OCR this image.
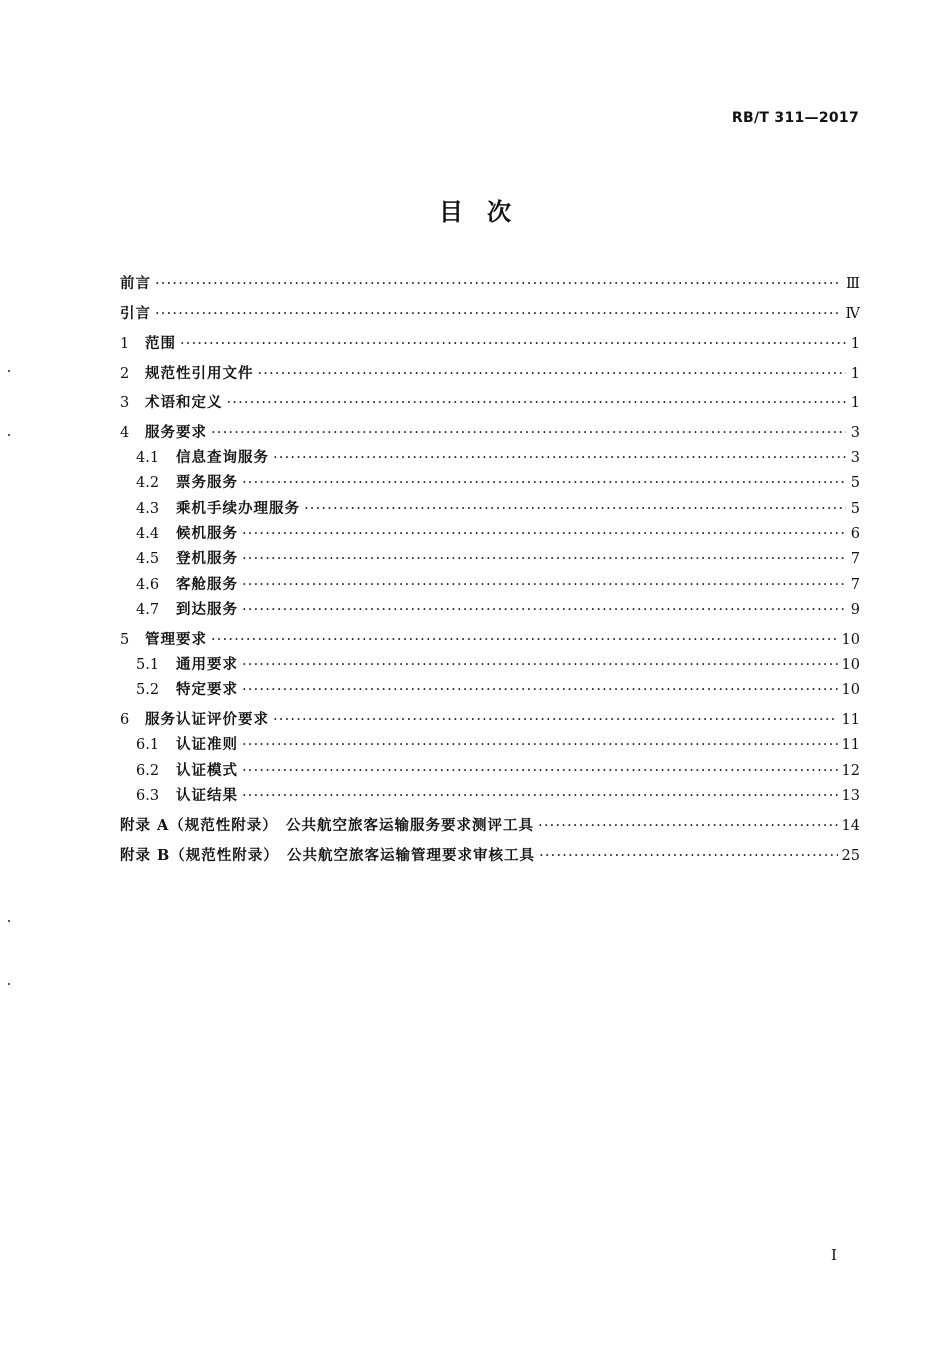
RB/T 311—2017
目　次
前言 ·····	Ⅲ
引言 ·····	Ⅳ
1	范围 ·····	1
2	规范性引用文件 ·····	1
3	术语和定义 ·····	1
4	服务要求 ·····	3
4.1	信息查询服务 ·····	3
4.2	票务服务 ·····	5
4.3	乘机手续办理服务 ·····	5
4.4	候机服务 ·····	6
4.5	登机服务 ·····	7
4.6	客舱服务 ·····	7
4.7	到达服务 ·····	9
5	管理要求 ·····	10
5.1	通用要求 ·····	10
5.2	特定要求 ·····	10
6	服务认证评价要求 ·····	11
6.1	认证准则 ·····	11
6.2	认证模式 ·····	12
6.3	认证结果 ·····	13
附录 A（规范性附录）　公共航空旅客运输服务要求测评工具 ·····	14
附录 B（规范性附录）　公共航空旅客运输管理要求审核工具 ·····	25
I
